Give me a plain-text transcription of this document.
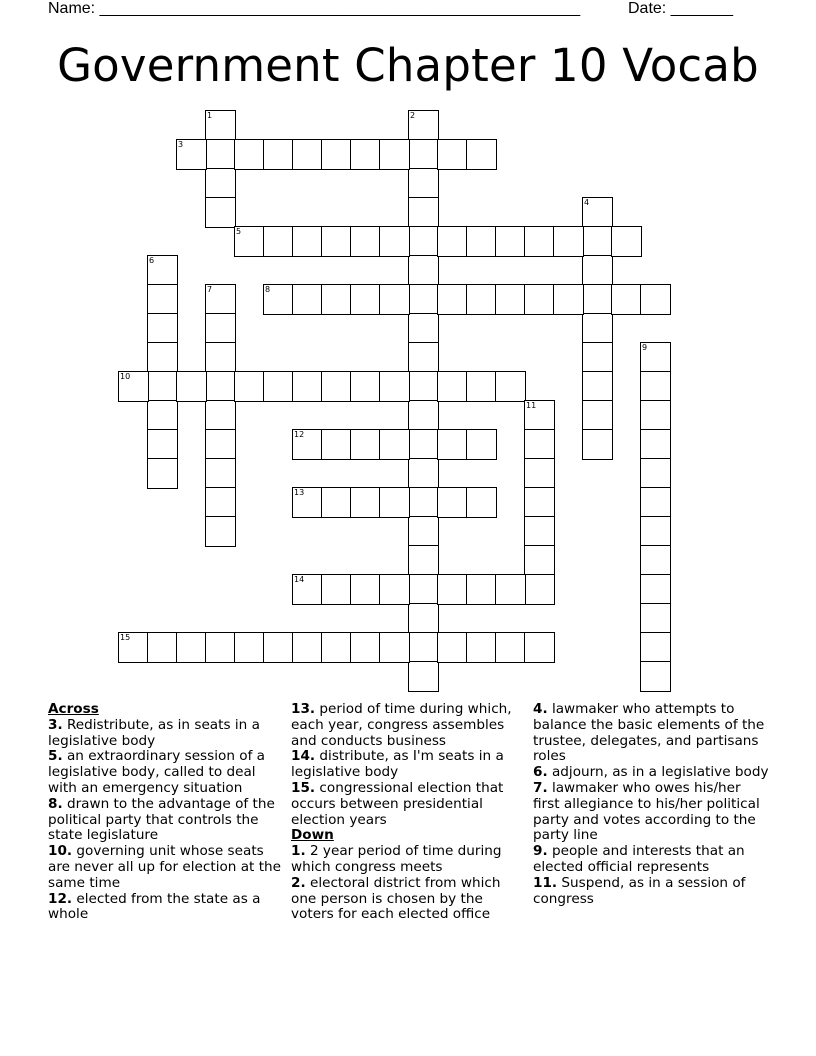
Name: ______________________________________________________

	Date: _______

Government Chapter 10 Vocab
1	2
3
4
5
6
7	8
9
10
11
12
13
14
15
Across
3. Redistribute, as in seats in a legislative body
5. an extraordinary session of a legislative body, called to deal with an emergency situation
8. drawn to the advantage of the political party that controls the state legislature
10. governing unit whose seats are never all up for election at the same time
12. elected from the state as a whole
13. period of time during which, each year, congress assembles and conducts business
14. distribute, as I'm seats in a legislative body
15. congressional election that occurs between presidential election years
Down
1. 2 year period of time during which congress meets
2. electoral district from which one person is chosen by the voters for each elected office
4. lawmaker who attempts to balance the basic elements of the trustee, delegates, and partisans roles
6. adjourn, as in a legislative body
7. lawmaker who owes his/her first allegiance to his/her political party and votes according to the party line
9. people and interests that an elected official represents
11. Suspend, as in a session of congress
